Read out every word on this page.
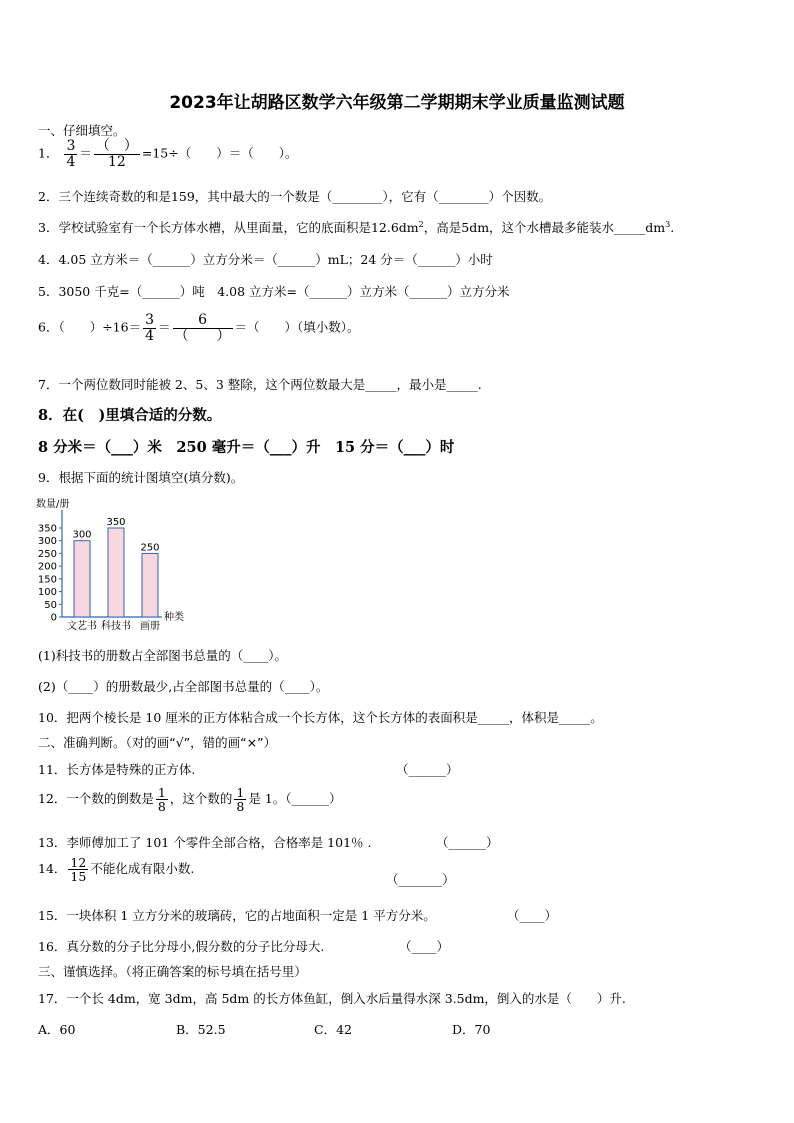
2023年让胡路区数学六年级第二学期期末学业质量监测试题
一、仔细填空。
1． $\frac{3}{4} = \frac{( )}{12} =15\div$（　　）＝（　　）。
2．三个连续奇数的和是159，其中最大的一个数是（________），它有（________）个因数。
3．学校试验室有一个长方体水槽，从里面量，它的底面积是$12.6dm^2$，高是5dm，这个水槽最多能装水$\_\_\_\_\_dm^3$.
4．4.05 立方米＝（______）立方分米＝（______）mL；24 分＝（______）小时
5．3050 千克=（______）吨　4.08 立方米=（______）立方米（______）立方分米
6．（　　）$\div 16= \frac{3}{4} = \frac{6}{( )}$ ＝（　　）（填小数）。
7．一个两位数同时能被 2、5、3 整除，这个两位数最大是_____，最小是_____.
8．在(　)里填合适的分数。
8 分米＝（___）米　250 毫升＝（___）升　15 分＝（___）时
9．根据下面的统计图填空(填分数)。
数量/册
0
50
100
150
200
250
300
350
300
文艺书
350
科技书
250
画册
种类
(1)科技书的册数占全部图书总量的（____）。
(2)（____）的册数最少,占全部图书总量的（____）。
10．把两个棱长是 10 厘米的正方体粘合成一个长方体，这个长方体的表面积是_____，体积是_____。
二、准确判断。（对的画“√”，错的画“×”）
11．长方体是特殊的正方体.	（______）
12．一个数的倒数是 $\frac{1}{8}$ ，这个数的 $\frac{1}{8}$ 是 1。（______）
13．李师傅加工了 101 个零件全部合格，合格率是 101％ .	（______）
14． $\frac{12}{15}$ 不能化成有限小数.
（_______）
15．一块体积 1 立方分米的玻璃砖，它的占地面积一定是 1 平方分米。	（____）
16．真分数的分子比分母小,假分数的分子比分母大.	（____）
三、谨慎选择。（将正确答案的标号填在括号里）
17．一个长 4dm，宽 3dm，高 5dm 的长方体鱼缸，倒入水后量得水深 3.5dm，倒入的水是（　　）升.
A．60	B．52.5	C．42	D．70
